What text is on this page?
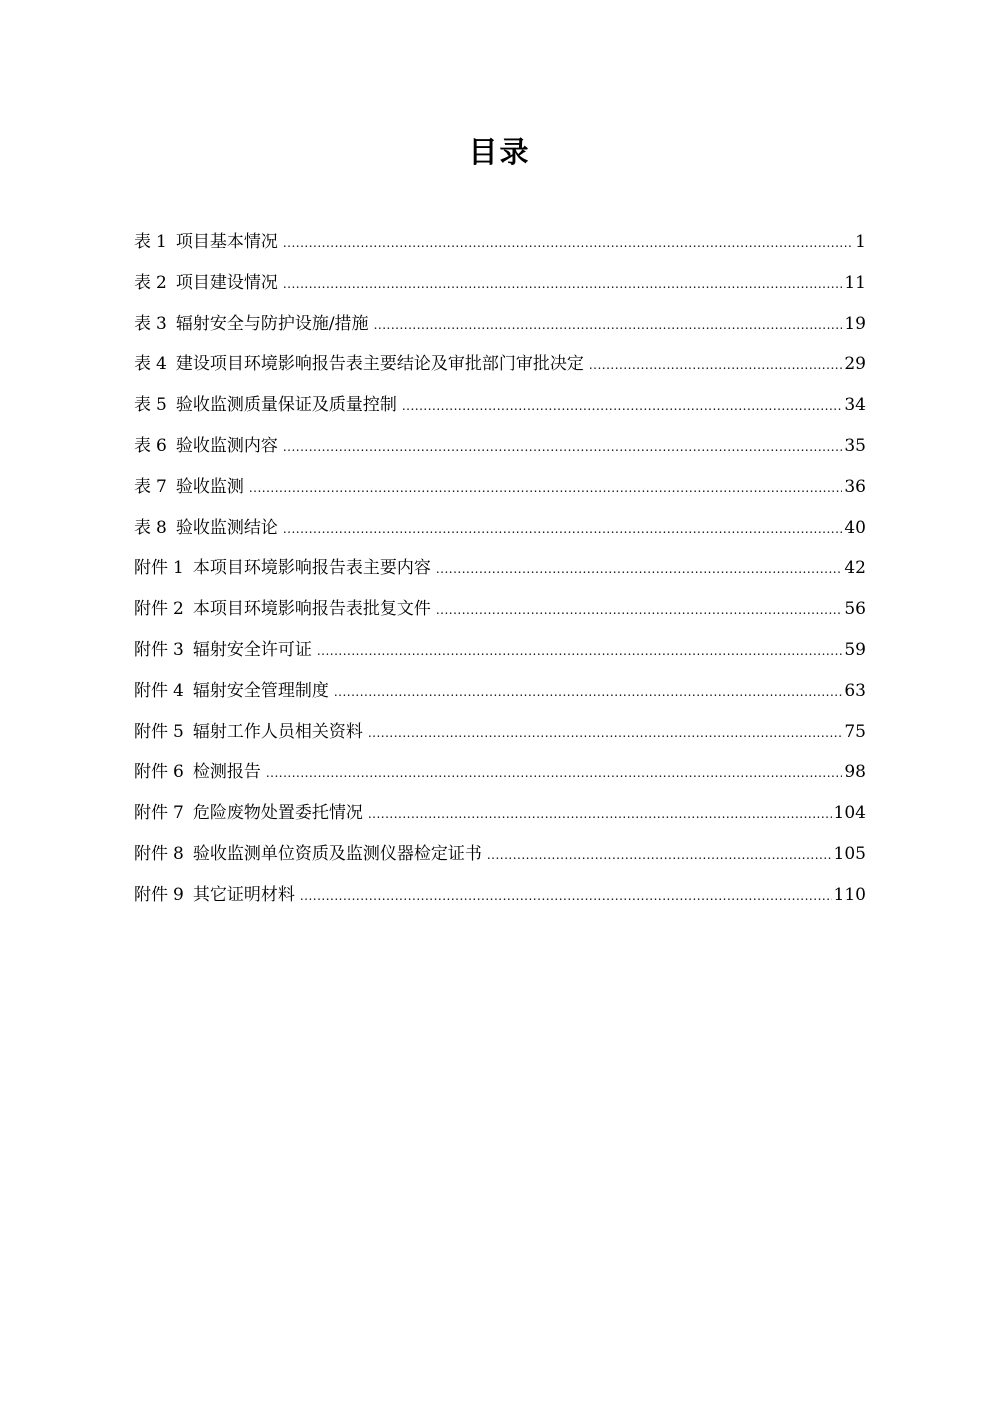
目录
表 1 项目基本情况 .....	1
表 2 项目建设情况 .....	11
表 3 辐射安全与防护设施/措施 .....	19
表 4 建设项目环境影响报告表主要结论及审批部门审批决定 .....	29
表 5 验收监测质量保证及质量控制 .....	34
表 6 验收监测内容 .....	35
表 7 验收监测 .....	36
表 8 验收监测结论 .....	40
附件 1 本项目环境影响报告表主要内容 .....	42
附件 2 本项目环境影响报告表批复文件 .....	56
附件 3 辐射安全许可证 .....	59
附件 4 辐射安全管理制度 .....	63
附件 5 辐射工作人员相关资料 .....	75
附件 6 检测报告 .....	98
附件 7 危险废物处置委托情况 .....	104
附件 8 验收监测单位资质及监测仪器检定证书 .....	105
附件 9 其它证明材料 .....	110
